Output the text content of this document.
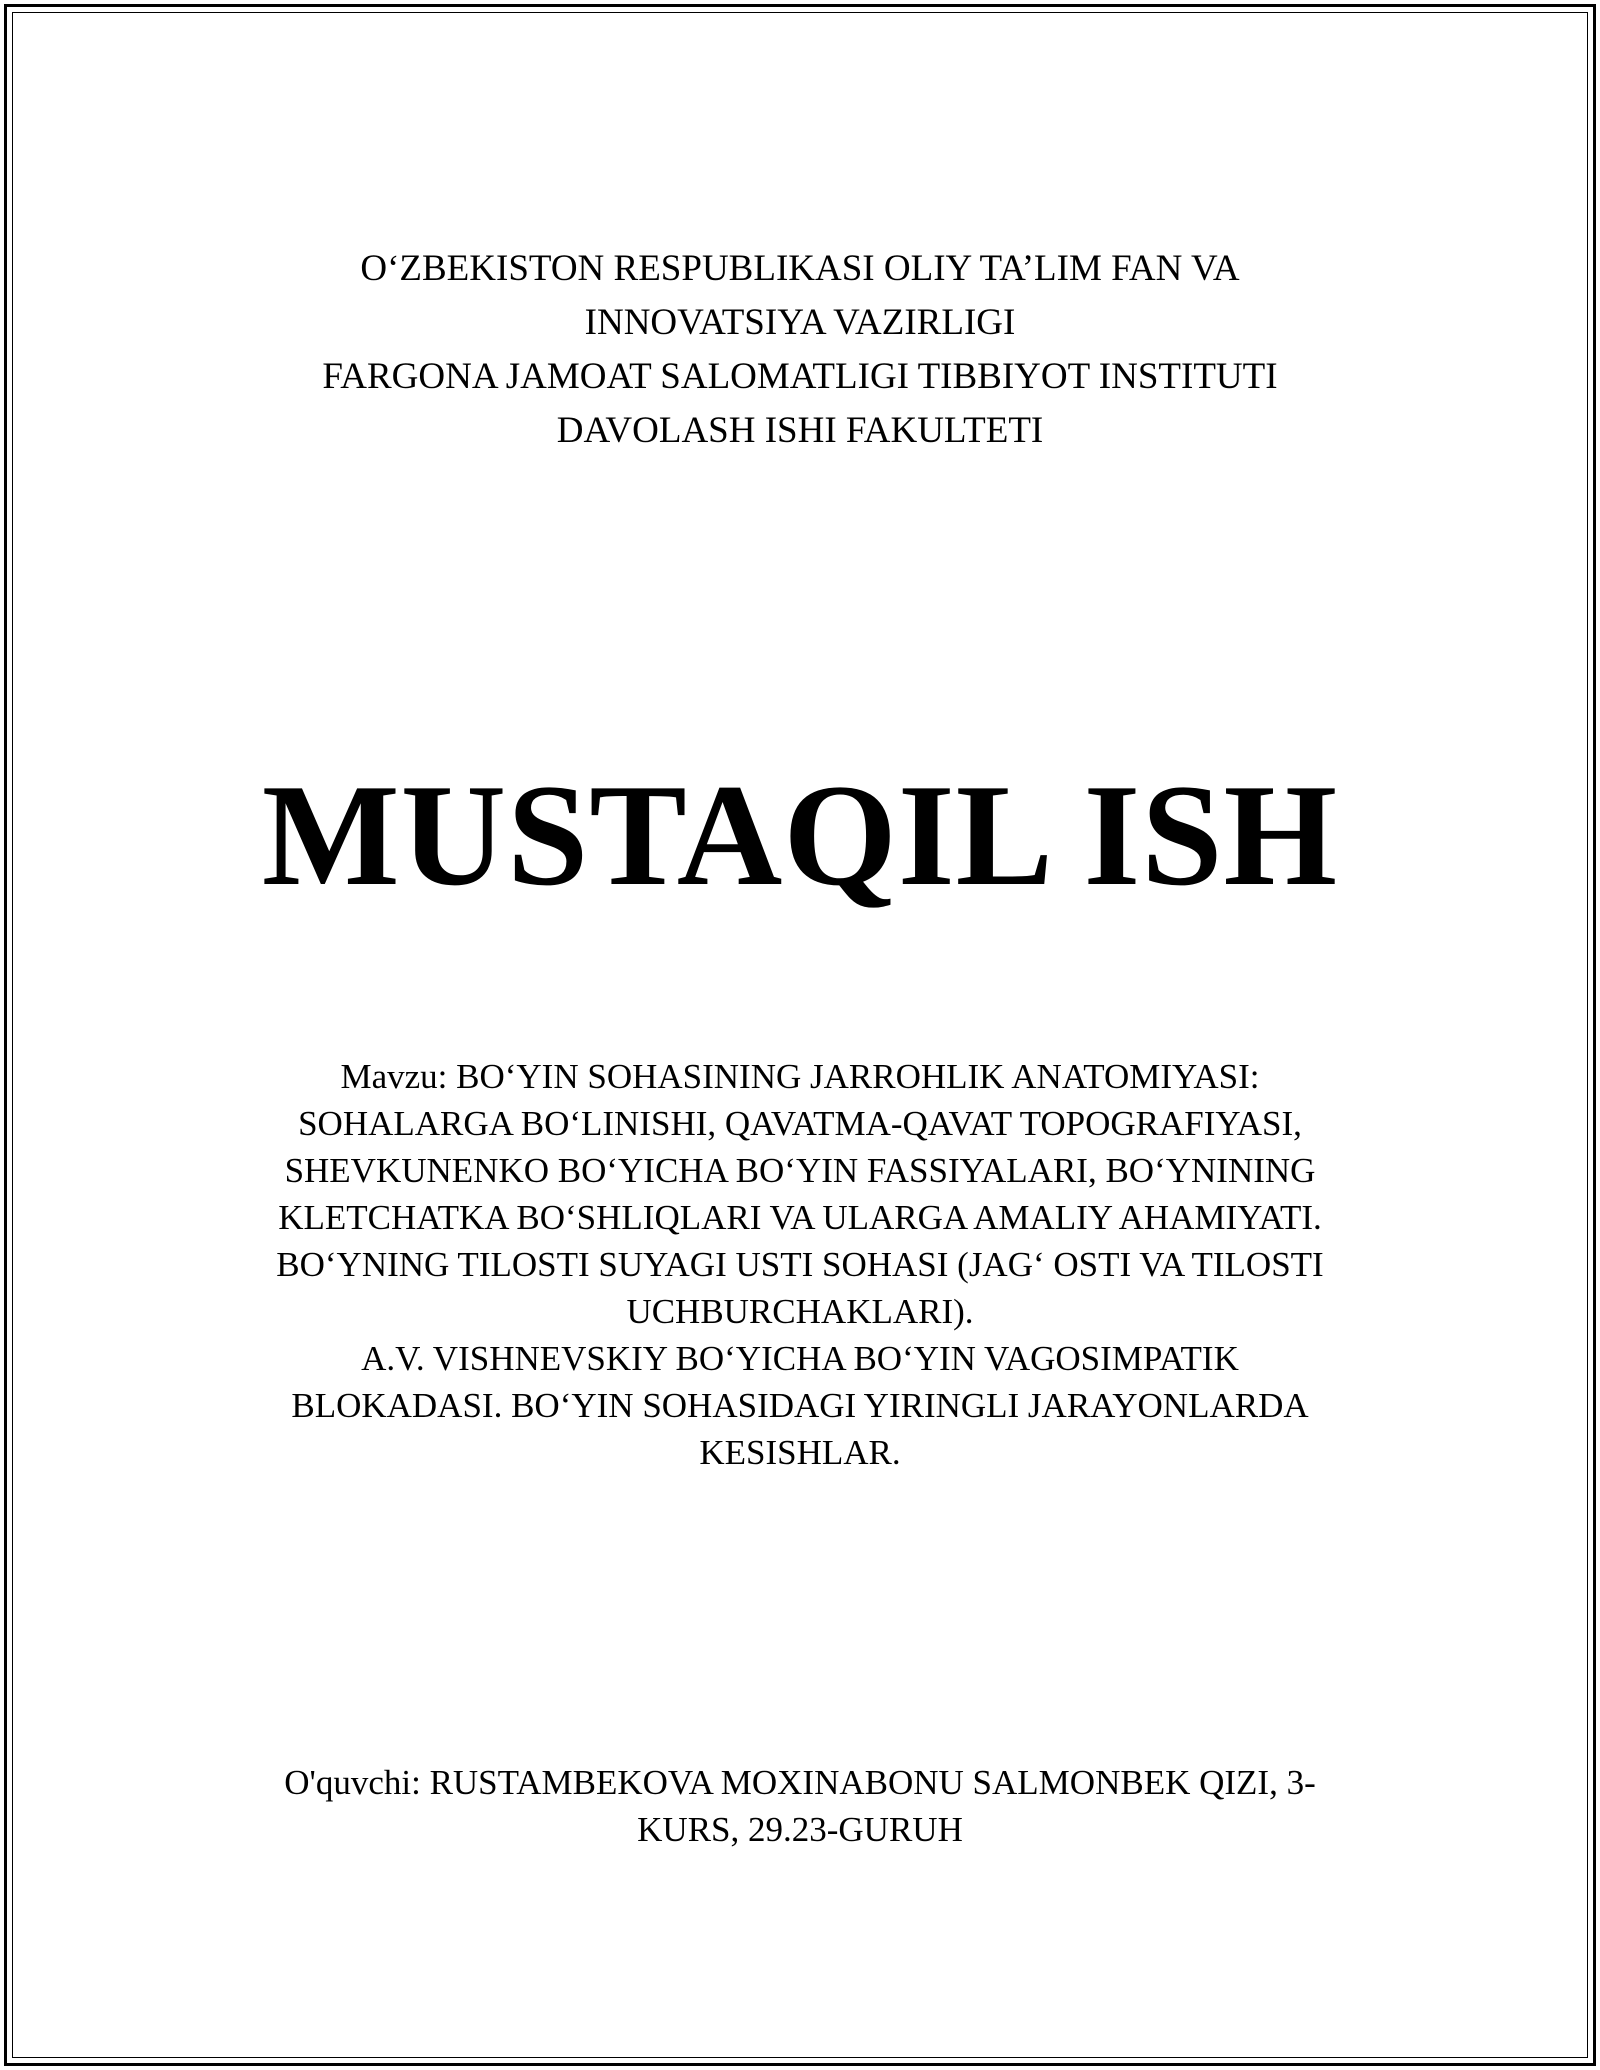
O‘ZBEKISTON RESPUBLIKASI OLIY TA’LIM FAN VA
INNOVATSIYA VAZIRLIGI
FARGONA JAMOAT SALOMATLIGI TIBBIYOT INSTITUTI
DAVOLASH ISHI FAKULTETI
MUSTAQIL ISH
Mavzu: BO‘YIN SOHASINING JARROHLIK ANATOMIYASI:
SOHALARGA BO‘LINISHI, QAVATMA-QAVAT TOPOGRAFIYASI,
SHEVKUNENKO BO‘YICHA BO‘YIN FASSIYALARI, BO‘YNINING
KLETCHATKA BO‘SHLIQLARI VA ULARGA AMALIY AHAMIYATI.
BO‘YNING TILOSTI SUYAGI USTI SOHASI (JAG‘ OSTI VA TILOSTI
UCHBURCHAKLARI).
A.V. VISHNEVSKIY BO‘YICHA BO‘YIN VAGOSIMPATIK
BLOKADASI. BO‘YIN SOHASIDAGI YIRINGLI JARAYONLARDA
KESISHLAR.
O'quvchi: RUSTAMBEKOVA MOXINABONU SALMONBEK QIZI, 3-
KURS, 29.23-GURUH
